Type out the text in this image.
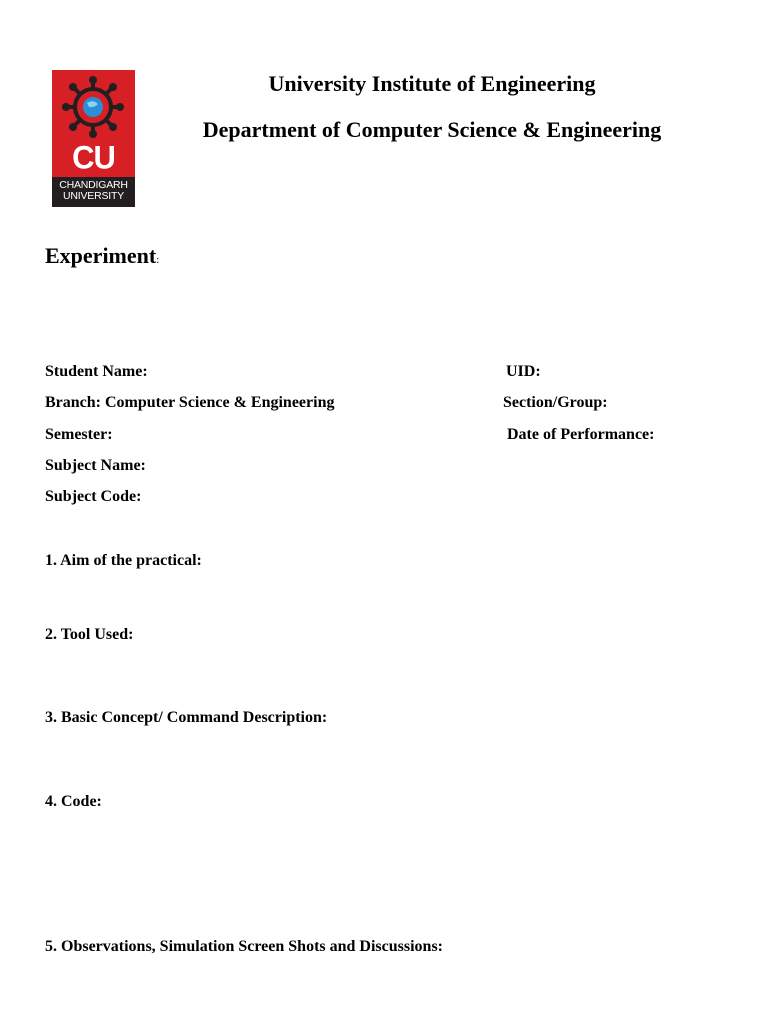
CU
CHANDIGARH
UNIVERSITY
University Institute of Engineering
Department of Computer Science & Engineering
Experiment:
Student Name:	UID:
Branch: Computer Science & Engineering	Section/Group:
Semester:	Date of Performance:
Subject Name:
Subject Code:
1. Aim of the practical:
2. Tool Used:
3. Basic Concept/ Command Description:
4. Code:
5. Observations, Simulation Screen Shots and Discussions:
